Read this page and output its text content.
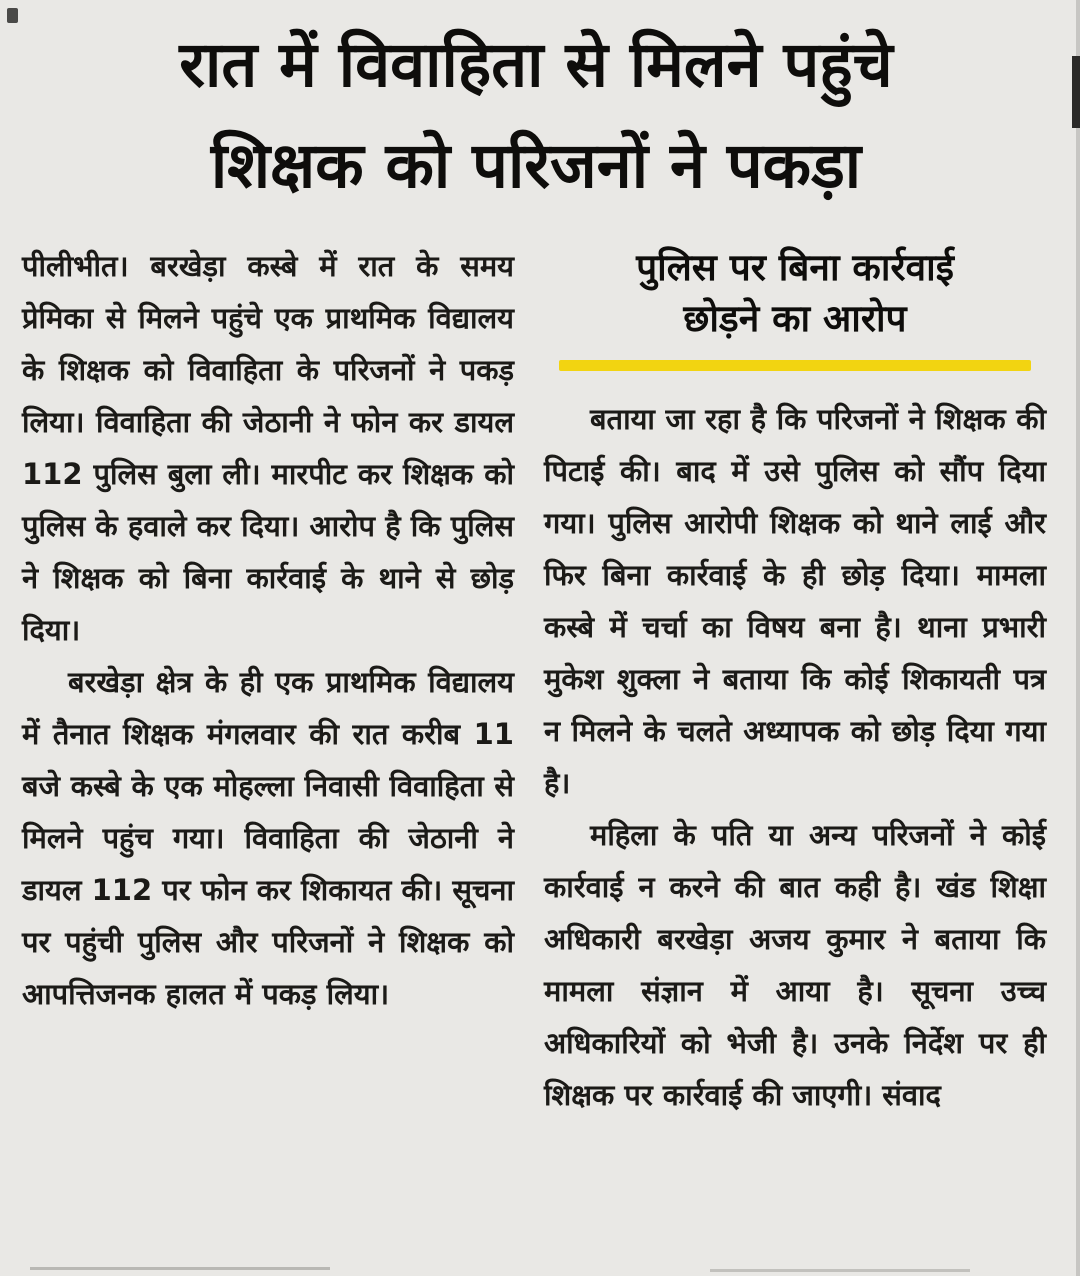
रात में विवाहिता से मिलने पहुंचे
शिक्षक को परिजनों ने पकड़ा

पीलीभीत। बरखेड़ा कस्बे में रात के समय प्रेमिका से मिलने पहुंचे एक प्राथमिक विद्यालय के शिक्षक को विवाहिता के परिजनों ने पकड़ लिया। विवाहिता की जेठानी ने फोन कर डायल 112 पुलिस बुला ली। मारपीट कर शिक्षक को पुलिस के हवाले कर दिया। आरोप है कि पुलिस ने शिक्षक को बिना कार्रवाई के थाने से छोड़ दिया।

बरखेड़ा क्षेत्र के ही एक प्राथमिक विद्यालय में तैनात शिक्षक मंगलवार की रात करीब 11 बजे कस्बे के एक मोहल्ला निवासी विवाहिता से मिलने पहुंच गया। विवाहिता की जेठानी ने डायल 112 पर फोन कर शिकायत की। सूचना पर पहुंची पुलिस और परिजनों ने शिक्षक को आपत्तिजनक हालत में पकड़ लिया।

पुलिस पर बिना कार्रवाई
छोड़ने का आरोप

बताया जा रहा है कि परिजनों ने शिक्षक की पिटाई की। बाद में उसे पुलिस को सौंप दिया गया। पुलिस आरोपी शिक्षक को थाने लाई और फिर बिना कार्रवाई के ही छोड़ दिया। मामला कस्बे में चर्चा का विषय बना है। थाना प्रभारी मुकेश शुक्ला ने बताया कि कोई शिकायती पत्र न मिलने के चलते अध्यापक को छोड़ दिया गया है।

महिला के पति या अन्य परिजनों ने कोई कार्रवाई न करने की बात कही है। खंड शिक्षा अधिकारी बरखेड़ा अजय कुमार ने बताया कि मामला संज्ञान में आया है। सूचना उच्च अधिकारियों को भेजी है। उनके निर्देश पर ही शिक्षक पर कार्रवाई की जाएगी। संवाद
